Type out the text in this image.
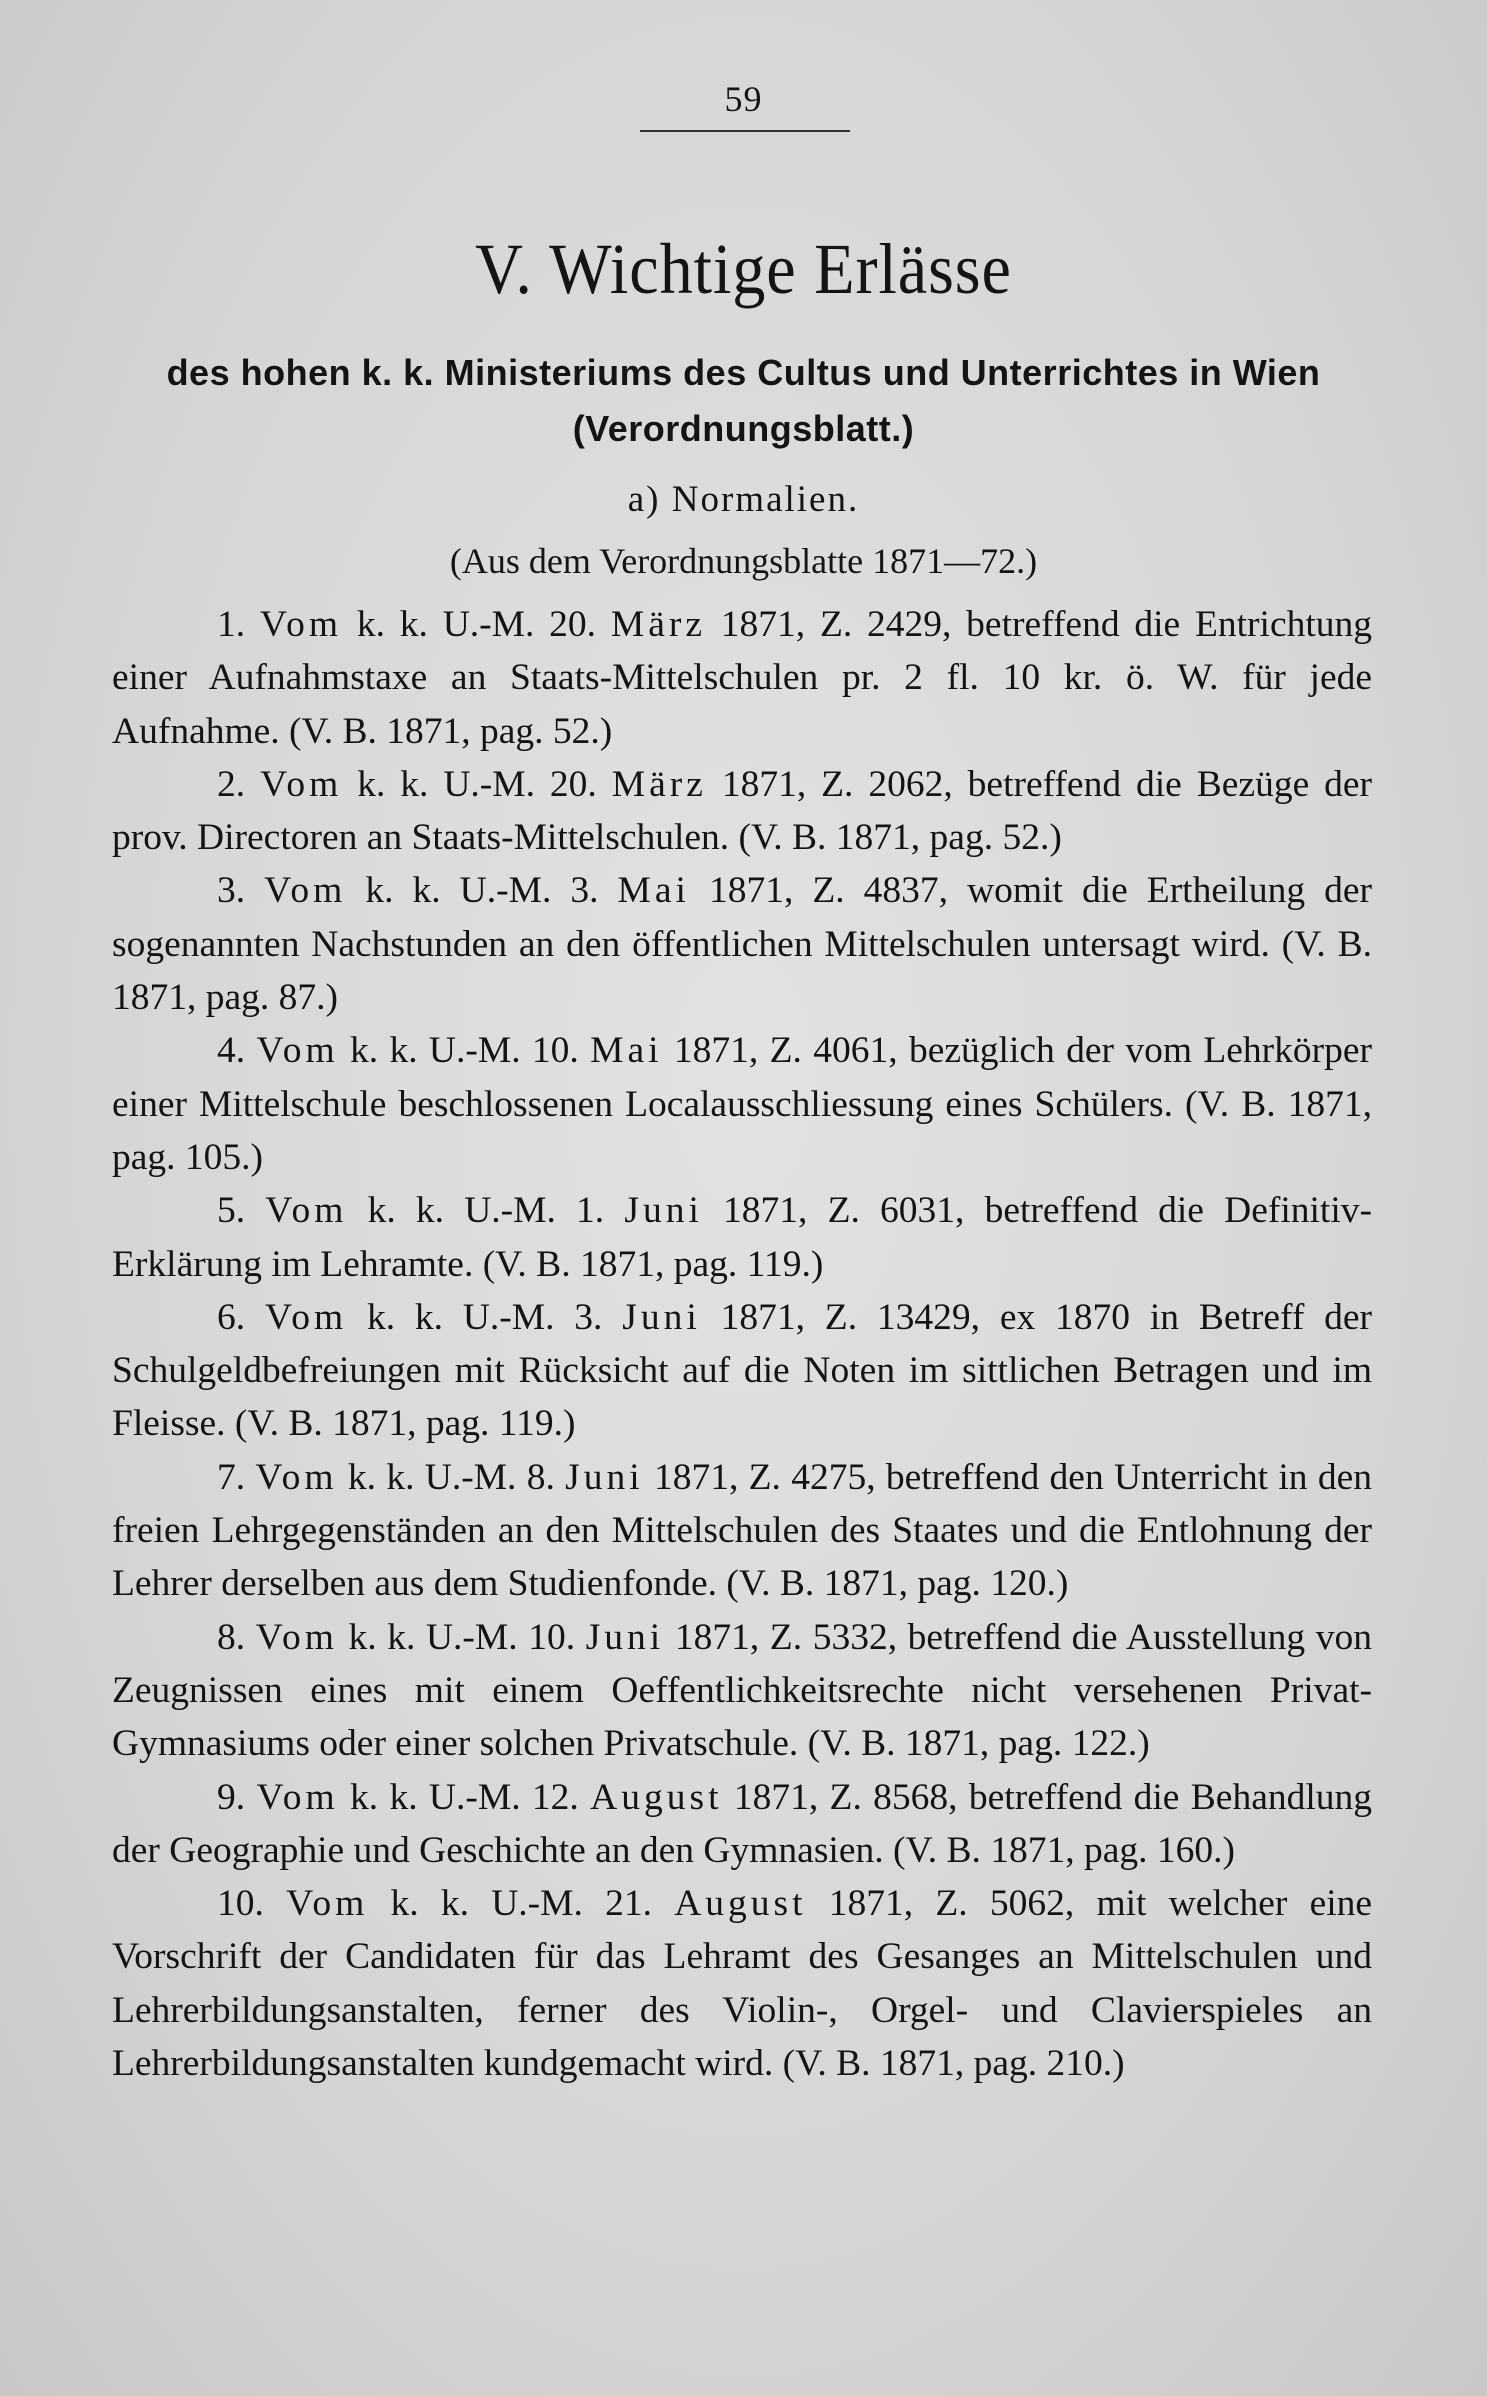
59
V. Wichtige Erlässe
des hohen k. k. Ministeriums des Cultus und Unterrichtes in Wien
(Verordnungsblatt.)
a) Normalien.
(Aus dem Verordnungsblatte 1871—72.)

1. Vom k. k. U.-M. 20. März 1871, Z. 2429, betreffend die Entrichtung einer Aufnahmstaxe an Staats-Mittelschulen pr. 2 fl. 10 kr. ö. W. für jede Aufnahme. (V. B. 1871, pag. 52.)

2. Vom k. k. U.-M. 20. März 1871, Z. 2062, betreffend die Bezüge der prov. Directoren an Staats-Mittelschulen. (V. B. 1871, pag. 52.)

3. Vom k. k. U.-M. 3. Mai 1871, Z. 4837, womit die Ertheilung der sogenannten Nachstunden an den öffentlichen Mittelschulen untersagt wird. (V. B. 1871, pag. 87.)

4. Vom k. k. U.-M. 10. Mai 1871, Z. 4061, bezüglich der vom Lehrkörper einer Mittelschule beschlossenen Localausschliessung eines Schülers. (V. B. 1871, pag. 105.)

5. Vom k. k. U.-M. 1. Juni 1871, Z. 6031, betreffend die Definitiv-Erklärung im Lehramte. (V. B. 1871, pag. 119.)

6. Vom k. k. U.-M. 3. Juni 1871, Z. 13429, ex 1870 in Betreff der Schulgeldbefreiungen mit Rücksicht auf die Noten im sittlichen Betragen und im Fleisse. (V. B. 1871, pag. 119.)

7. Vom k. k. U.-M. 8. Juni 1871, Z. 4275, betreffend den Unterricht in den freien Lehrgegenständen an den Mittelschulen des Staates und die Entlohnung der Lehrer derselben aus dem Studienfonde. (V. B. 1871, pag. 120.)

8. Vom k. k. U.-M. 10. Juni 1871, Z. 5332, betreffend die Ausstellung von Zeugnissen eines mit einem Oeffentlichkeitsrechte nicht versehenen Privat-Gymnasiums oder einer solchen Privatschule. (V. B. 1871, pag. 122.)

9. Vom k. k. U.-M. 12. August 1871, Z. 8568, betreffend die Behandlung der Geographie und Geschichte an den Gymnasien. (V. B. 1871, pag. 160.)

10. Vom k. k. U.-M. 21. August 1871, Z. 5062, mit welcher eine Vorschrift der Candidaten für das Lehramt des Gesanges an Mittelschulen und Lehrerbildungsanstalten, ferner des Violin-, Orgel- und Clavierspieles an Lehrerbildungsanstalten kundgemacht wird. (V. B. 1871, pag. 210.)
